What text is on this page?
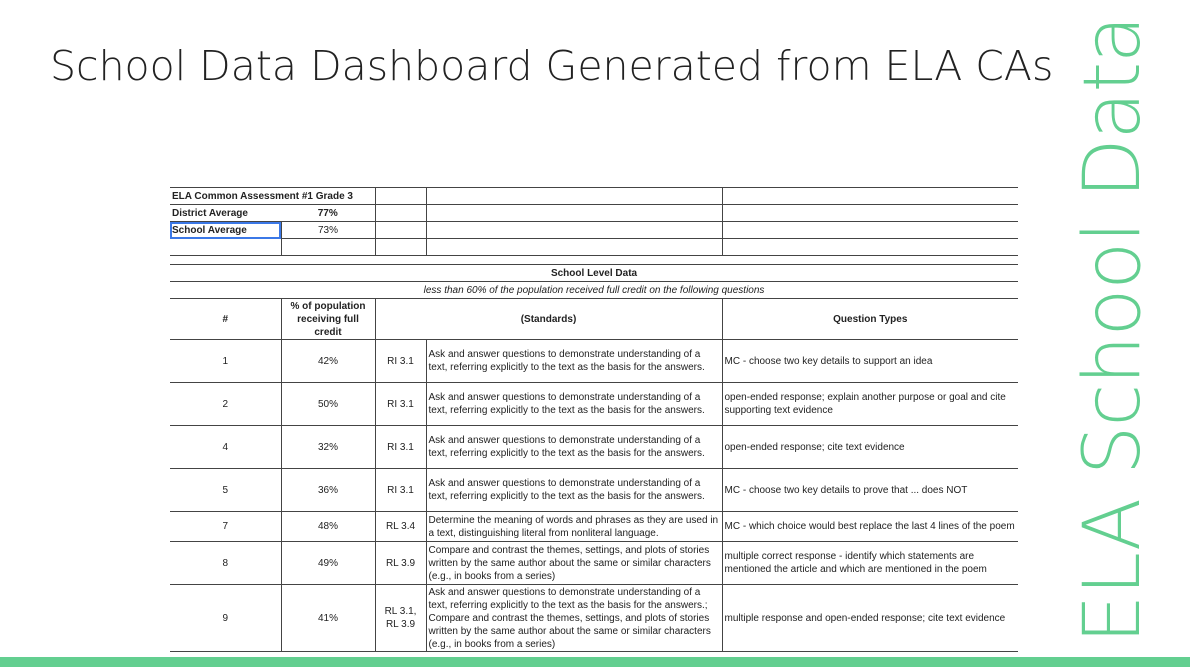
School Data Dashboard Generated from ELA CAs ELA School Data
ELA Common Assessment #1 Grade 3				
District Average	77%			
School Average	73%			

School Level Data				
less than 60% of the population received full credit on the following questions				
#	% of population receiving full credit	(Standards)		Question Types
1	42%	RI 3.1	Ask and answer questions to demonstrate understanding of a text, referring explicitly to the text as the basis for the answers.	MC - choose two key details to support an idea
2	50%	RI 3.1	Ask and answer questions to demonstrate understanding of a text, referring explicitly to the text as the basis for the answers.	open-ended response; explain another purpose or goal and cite supporting text evidence
4	32%	RI 3.1	Ask and answer questions to demonstrate understanding of a text, referring explicitly to the text as the basis for the answers.	open-ended response; cite text evidence
5	36%	RI 3.1	Ask and answer questions to demonstrate understanding of a text, referring explicitly to the text as the basis for the answers.	MC - choose two key details to prove that ... does NOT
7	48%	RL 3.4	Determine the meaning of words and phrases as they are used in a text, distinguishing literal from nonliteral language.	MC - which choice would best replace the last 4 lines of the poem
8	49%	RL 3.9	Compare and contrast the themes, settings, and plots of stories written by the same author about the same or similar characters (e.g., in books from a series)	multiple correct response - identify which statements are mentioned the article and which are mentioned in the poem
9	41%	RL 3.1, RL 3.9	Ask and answer questions to demonstrate understanding of a text, referring explicitly to the text as the basis for the answers.; Compare and contrast the themes, settings, and plots of stories written by the same author about the same or similar characters (e.g., in books from a series)	multiple response and open-ended response; cite text evidence
